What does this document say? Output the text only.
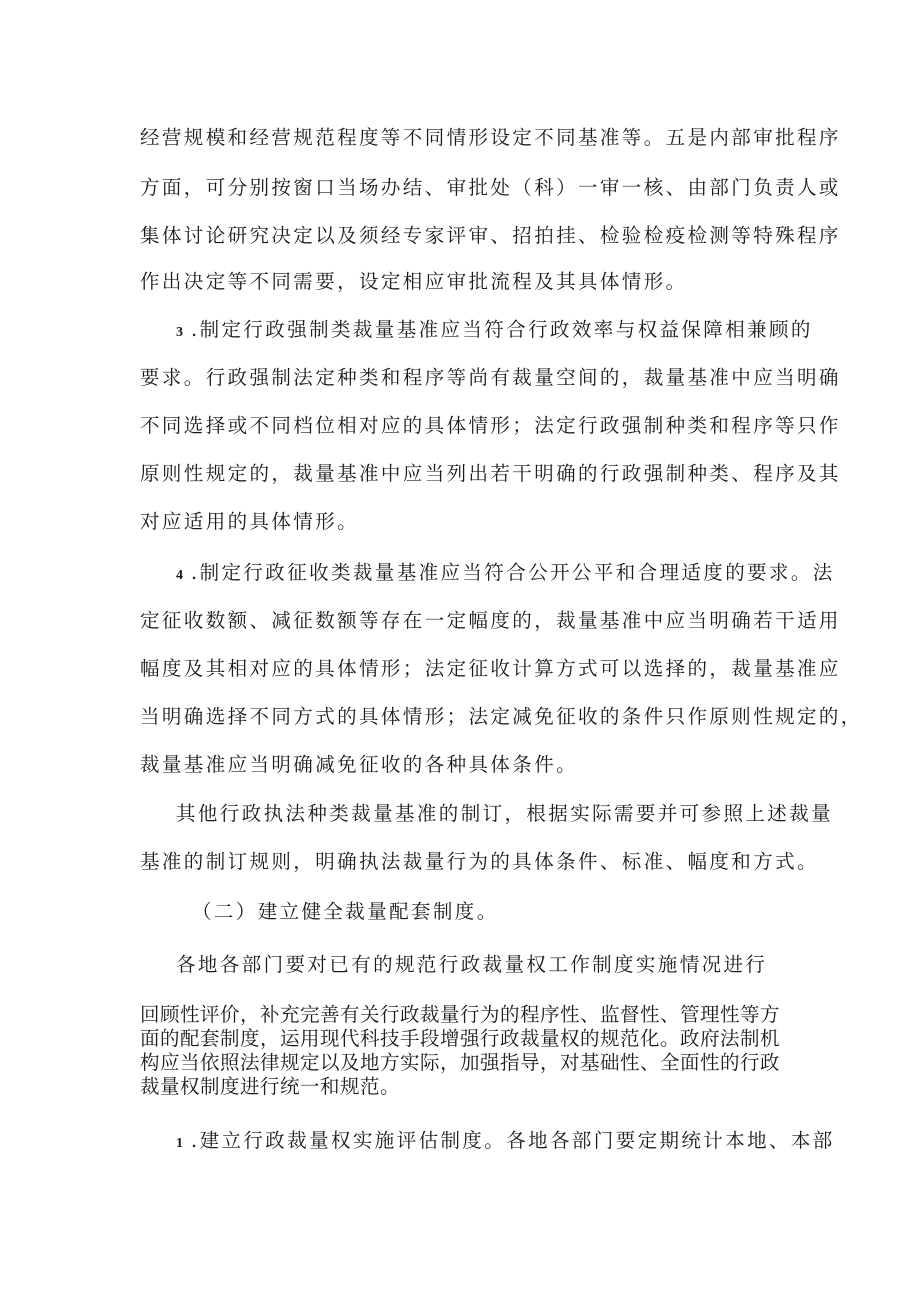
经营规模和经营规范程度等不同情形设定不同基准等。五是内部审批程序
方面，可分别按窗口当场办结、审批处（科）一审一核、由部门负责人或
集体讨论研究决定以及须经专家评审、招拍挂、检验检疫检测等特殊程序
作出决定等不同需要，设定相应审批流程及其具体情形。
3 .制定行政强制类裁量基准应当符合行政效率与权益保障相兼顾的
要求。行政强制法定种类和程序等尚有裁量空间的，裁量基准中应当明确
不同选择或不同档位相对应的具体情形；法定行政强制种类和程序等只作
原则性规定的，裁量基准中应当列出若干明确的行政强制种类、程序及其
对应适用的具体情形。
4 .制定行政征收类裁量基准应当符合公开公平和合理适度的要求。法
定征收数额、减征数额等存在一定幅度的，裁量基准中应当明确若干适用
幅度及其相对应的具体情形；法定征收计算方式可以选择的，裁量基准应
当明确选择不同方式的具体情形；法定减免征收的条件只作原则性规定的，
裁量基准应当明确减免征收的各种具体条件。
其他行政执法种类裁量基准的制订，根据实际需要并可参照上述裁量
基准的制订规则，明确执法裁量行为的具体条件、标准、幅度和方式。
（二）建立健全裁量配套制度。
各地各部门要对已有的规范行政裁量权工作制度实施情况进行
回顾性评价，补充完善有关行政裁量行为的程序性、监督性、管理性等方
面的配套制度，运用现代科技手段增强行政裁量权的规范化。政府法制机
构应当依照法律规定以及地方实际，加强指导，对基础性、全面性的行政
裁量权制度进行统一和规范。
1 .建立行政裁量权实施评估制度。各地各部门要定期统计本地、本部
